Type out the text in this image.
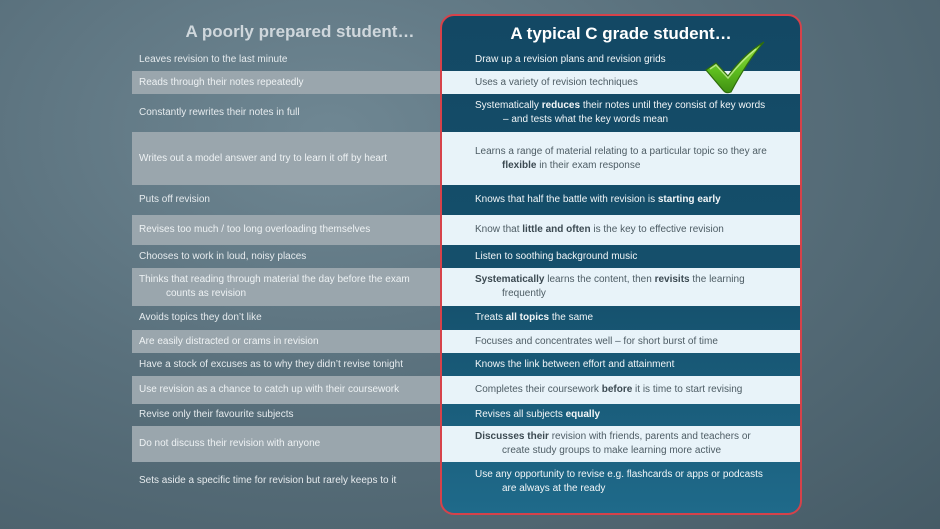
A poorly prepared student…
Leaves revision to the last minute
Reads through their notes repeatedly
Constantly rewrites their notes in full
Writes out a model answer and try to learn it off by heart
Puts off revision
Revises too much / too long overloading themselves
Chooses to work in loud, noisy places
Thinks that reading through material the day before the exam
counts as revision
Avoids topics they don’t like
Are easily distracted or crams in revision
Have a stock of excuses as to why they didn’t revise tonight
Use revision as a chance to catch up with their coursework
Revise only their favourite subjects
Do not discuss their revision with anyone
Sets aside a specific time for revision but rarely keeps to it
A typical C grade student…
Draw up a revision plans and revision grids
Uses a variety of revision techniques
Systematically reduces their notes until they consist of key words
– and tests what the key words mean
Learns a range of material relating to a particular topic so they are
flexible in their exam response
Knows that half the battle with revision is starting early
Know that little and often is the key to effective revision
Listen to soothing background music
Systematically learns the content, then revisits the learning
frequently
Treats all topics the same
Focuses and concentrates well – for short burst of time
Knows the link between effort and attainment
Completes their coursework before it is time to start revising
Revises all subjects equally
Discusses their revision with friends, parents and teachers or
create study groups to make learning more active
Use any opportunity to revise e.g. flashcards or apps or podcasts
are always at the ready
